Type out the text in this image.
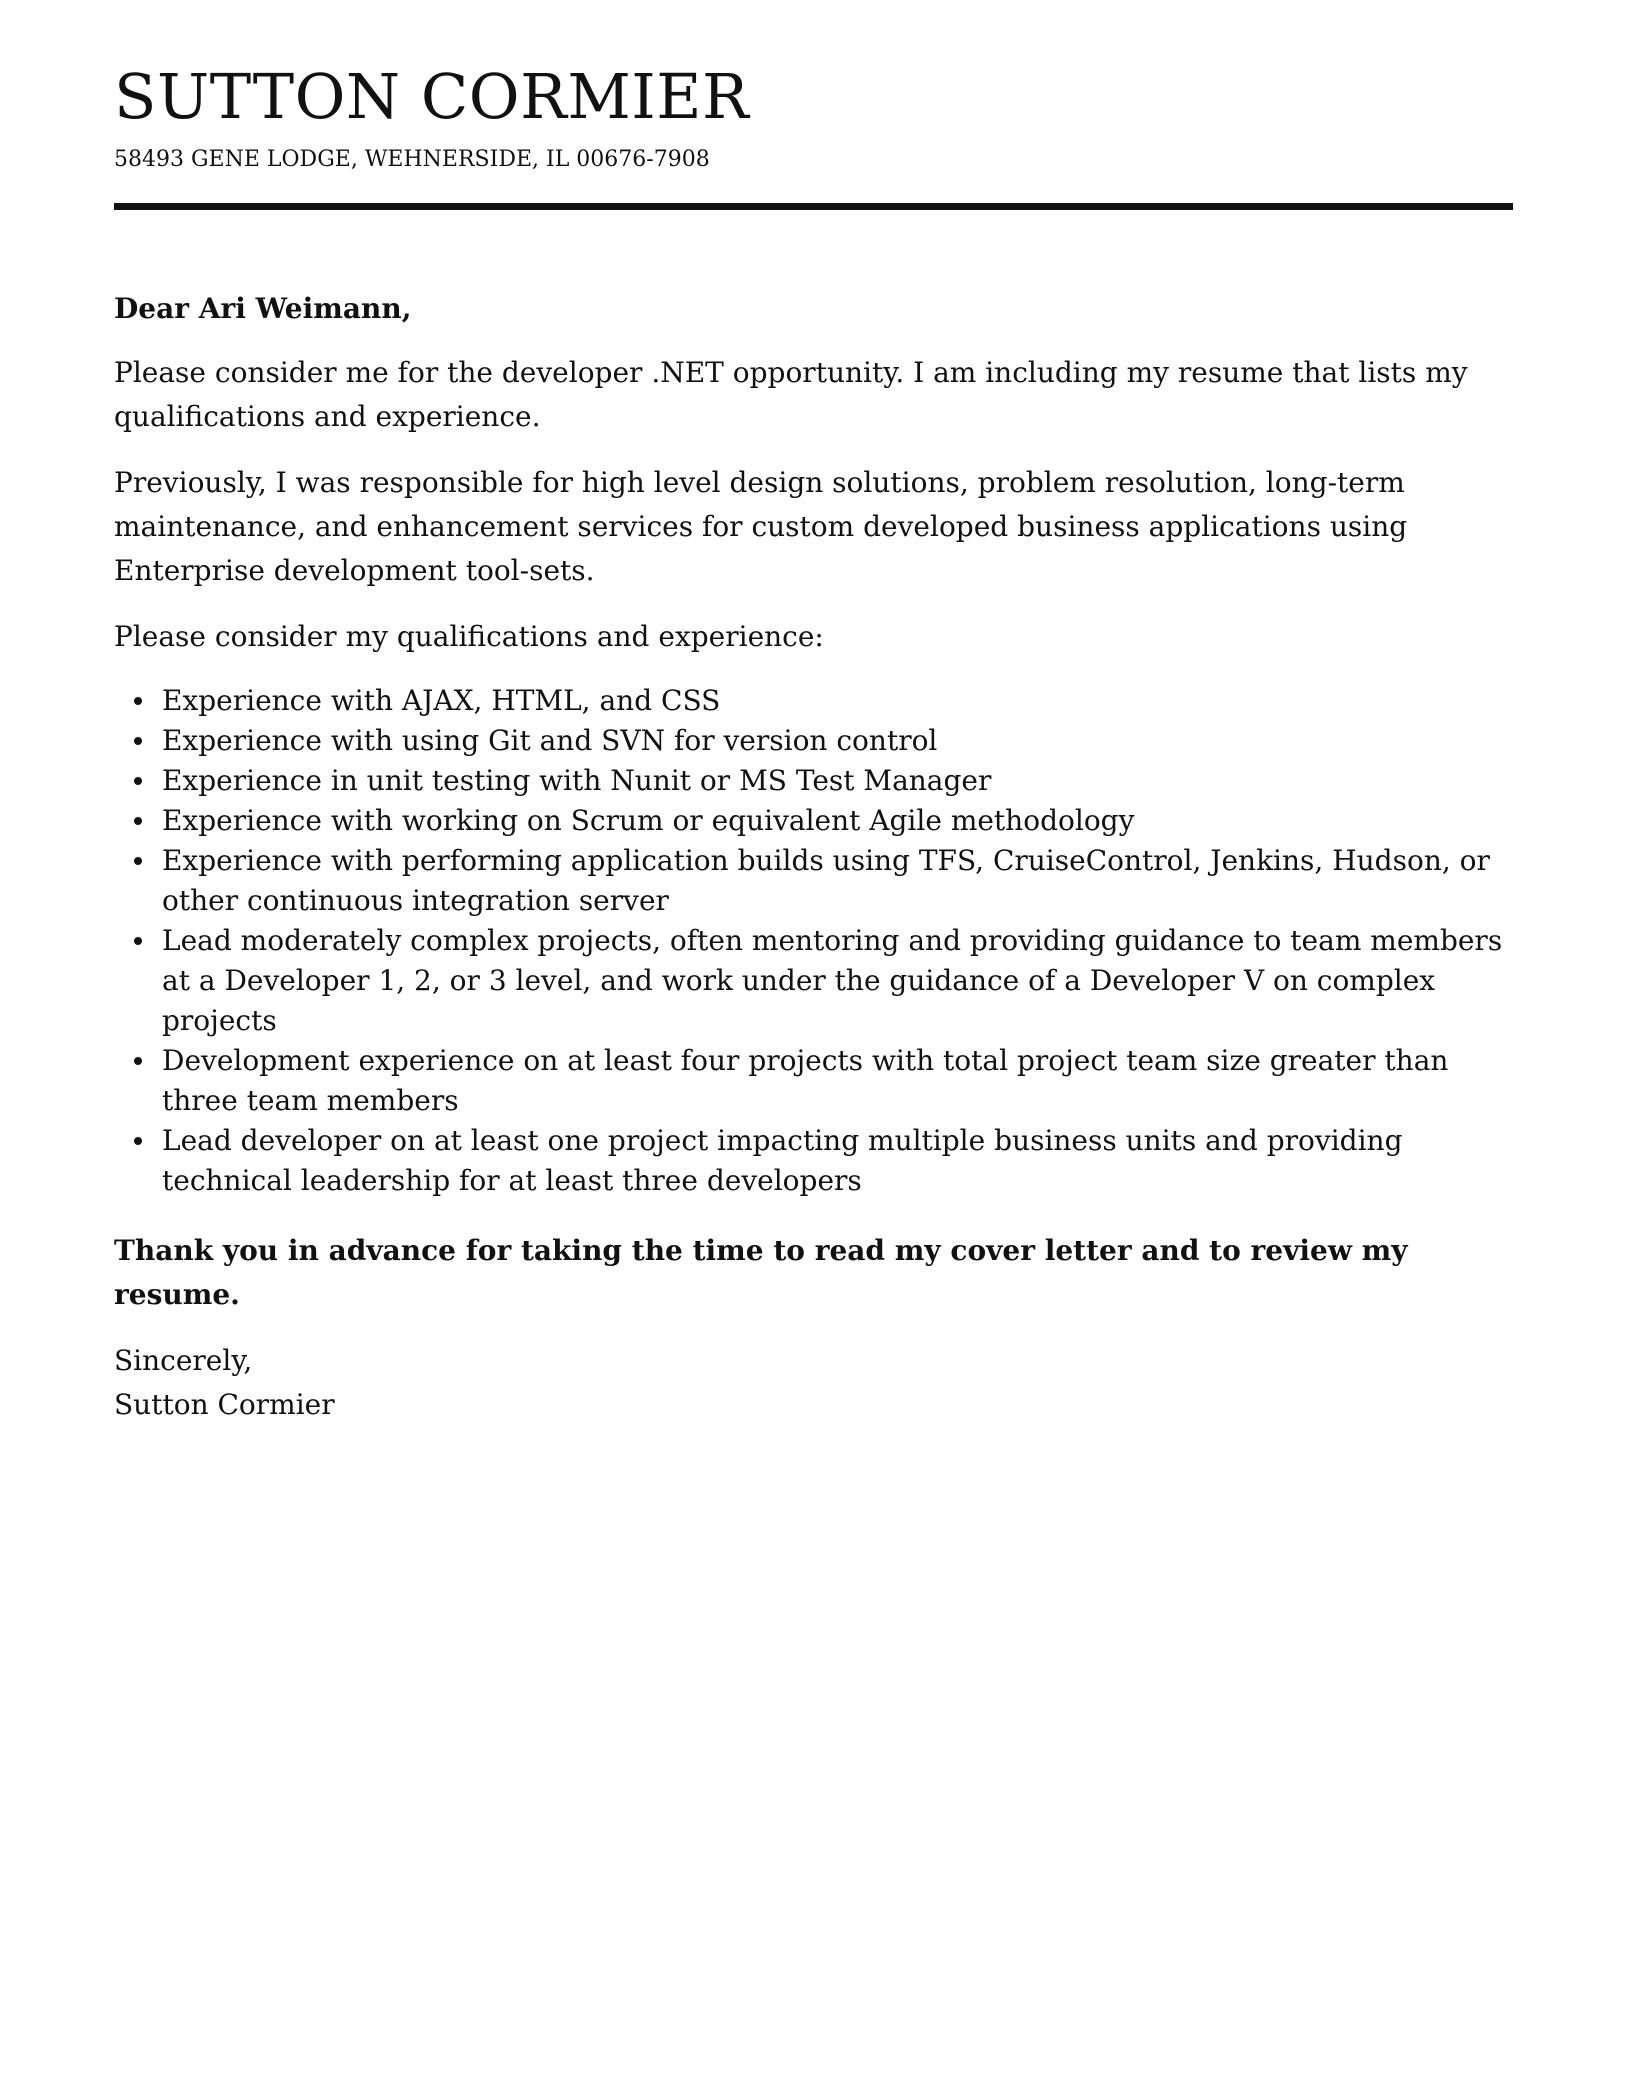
SUTTON CORMIER
58493 GENE LODGE, WEHNERSIDE, IL 00676-7908

Dear Ari Weimann,

Please consider me for the developer .NET opportunity. I am including my resume that lists my qualifications and experience.

Previously, I was responsible for high level design solutions, problem resolution, long-term maintenance, and enhancement services for custom developed business applications using Enterprise development tool-sets.

Please consider my qualifications and experience:

Experience with AJAX, HTML, and CSS
Experience with using Git and SVN for version control
Experience in unit testing with Nunit or MS Test Manager
Experience with working on Scrum or equivalent Agile methodology
Experience with performing application builds using TFS, CruiseControl, Jenkins, Hudson, or other continuous integration server
Lead moderately complex projects, often mentoring and providing guidance to team members at a Developer 1, 2, or 3 level, and work under the guidance of a Developer V on complex projects
Development experience on at least four projects with total project team size greater than three team members
Lead developer on at least one project impacting multiple business units and providing technical leadership for at least three developers

Thank you in advance for taking the time to read my cover letter and to review my resume.

Sincerely,

Sutton Cormier
